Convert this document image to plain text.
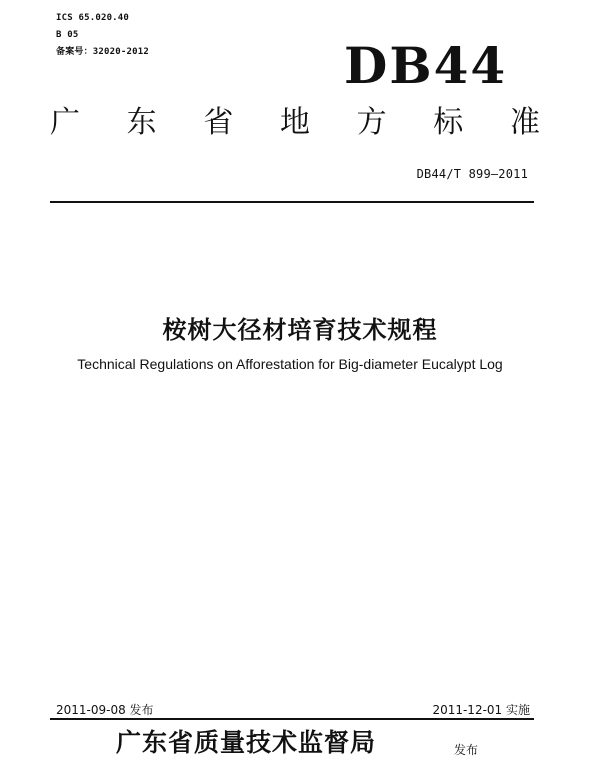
ICS 65.020.40
B 05
备案号：32020-2012	DB44
广 东 省 地 方 标 准
DB44/T 899—2011
桉树大径材培育技术规程
Technical Regulations on Afforestation for Big-diameter Eucalypt Log
2011-09-08 发布	2011-12-01 实施
广东省质量技术监督局	发布
